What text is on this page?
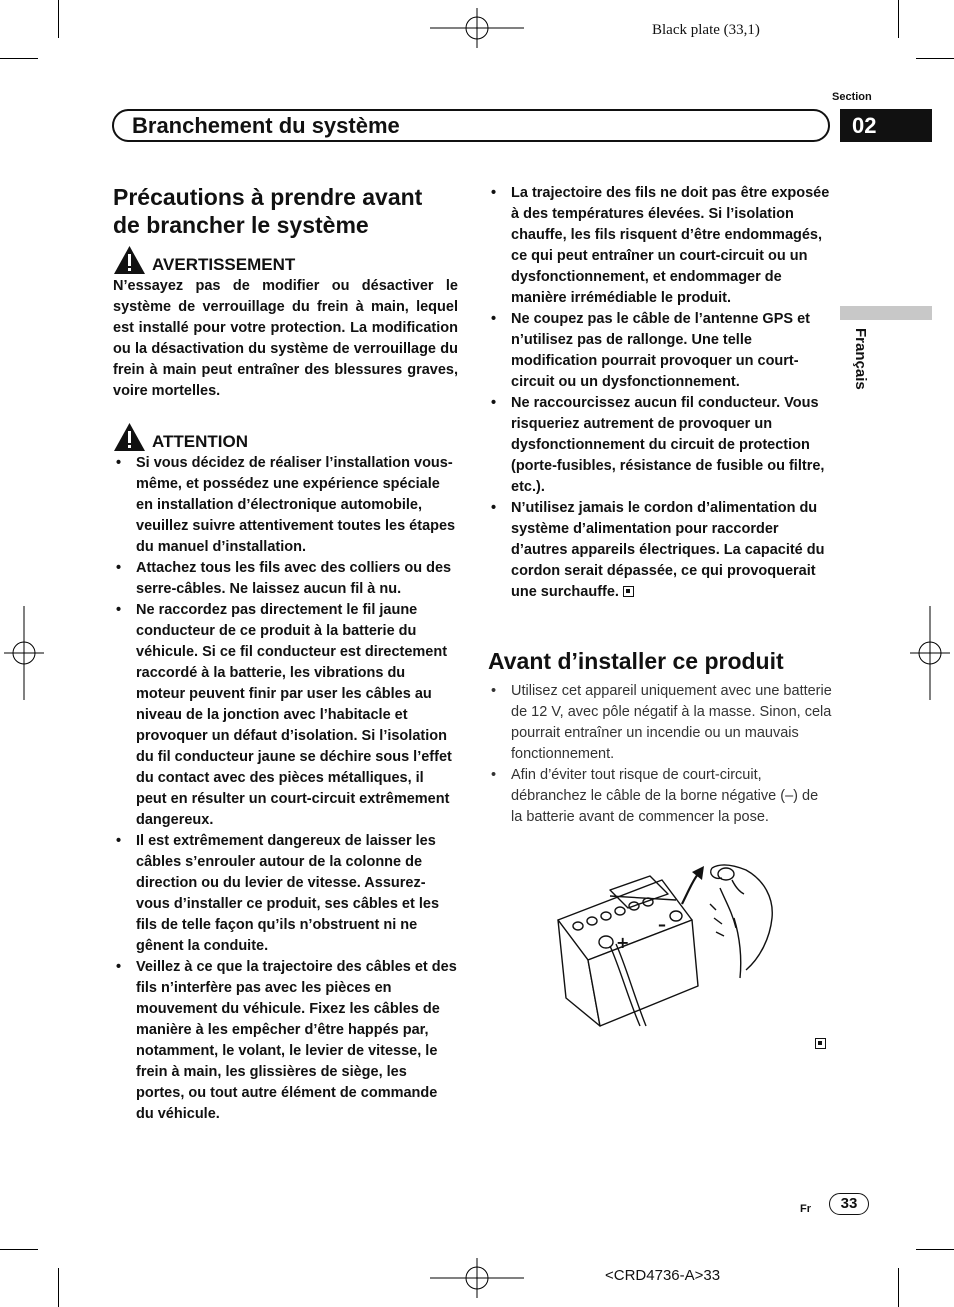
Black plate (33,1)
Section
02
Branchement du système
Français
Précautions à prendre avant
de brancher le système
AVERTISSEMENT

N’essayez pas de modifier ou désactiver le système de verrouillage du frein à main, lequel est installé pour votre protection. La modification ou la désactivation du système de verrouillage du frein à main peut entraîner des blessures graves, voire mortelles.

ATTENTION
• Si vous décidez de réaliser l’installation vous-même, et possédez une expérience spéciale en installation d’électronique automobile, veuillez suivre attentivement toutes les étapes du manuel d’installation.
• Attachez tous les fils avec des colliers ou des serre-câbles. Ne laissez aucun fil à nu.
• Ne raccordez pas directement le fil jaune conducteur de ce produit à la batterie du véhicule. Si ce fil conducteur est directement raccordé à la batterie, les vibrations du moteur peuvent finir par user les câbles au niveau de la jonction avec l’habitacle et provoquer un défaut d’isolation. Si l’isolation du fil conducteur jaune se déchire sous l’effet du contact avec des pièces métalliques, il peut en résulter un court-circuit extrêmement dangereux.
• Il est extrêmement dangereux de laisser les câbles s’enrouler autour de la colonne de direction ou du levier de vitesse. Assurez-vous d’installer ce produit, ses câbles et les fils de telle façon qu’ils n’obstruent ni ne gênent la conduite.
• Veillez à ce que la trajectoire des câbles et des fils n’interfère pas avec les pièces en mouvement du véhicule. Fixez les câbles de manière à les empêcher d’être happés par, notamment, le volant, le levier de vitesse, le frein à main, les glissières de siège, les portes, ou tout autre élément de commande du véhicule.
• La trajectoire des fils ne doit pas être exposée à des températures élevées. Si l’isolation chauffe, les fils risquent d’être endommagés, ce qui peut entraîner un court-circuit ou un dysfonctionnement, et endommager de manière irrémédiable le produit.
• Ne coupez pas le câble de l’antenne GPS et n’utilisez pas de rallonge. Une telle modification pourrait provoquer un court-circuit ou un dysfonctionnement.
• Ne raccourcissez aucun fil conducteur. Vous risqueriez autrement de provoquer un dysfonctionnement du circuit de protection (porte-fusibles, résistance de fusible ou filtre, etc.).
• N’utilisez jamais le cordon d’alimentation du système d’alimentation pour raccorder d’autres appareils électriques. La capacité du cordon serait dépassée, ce qui provoquerait une surchauffe.
Avant d’installer ce produit
• Utilisez cet appareil uniquement avec une batterie de 12 V, avec pôle négatif à la masse. Sinon, cela pourrait entraîner un incendie ou un mauvais fonctionnement.
• Afin d’éviter tout risque de court-circuit, débranchez le câble de la borne négative (–) de la batterie avant de commencer la pose.
+
–
Fr	33
<CRD4736-A>33
